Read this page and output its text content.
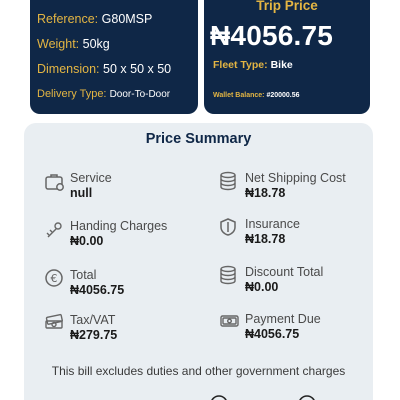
Reference: G80MSP
Weight: 50kg
Dimension: 50 x 50 x 50
Delivery Type: Door-To-Door
Trip Price
₦4056.75
Fleet Type: Bike
Wallet Balance: #20000.56
Price Summary
Service
null
Net Shipping Cost
₦18.78
Handing Charges
₦0.00
Insurance
₦18.78
€ Total
₦4056.75
Discount Total
₦0.00
Tax/VAT
₦279.75
Payment Due
₦4056.75
This bill excludes duties and other government charges
